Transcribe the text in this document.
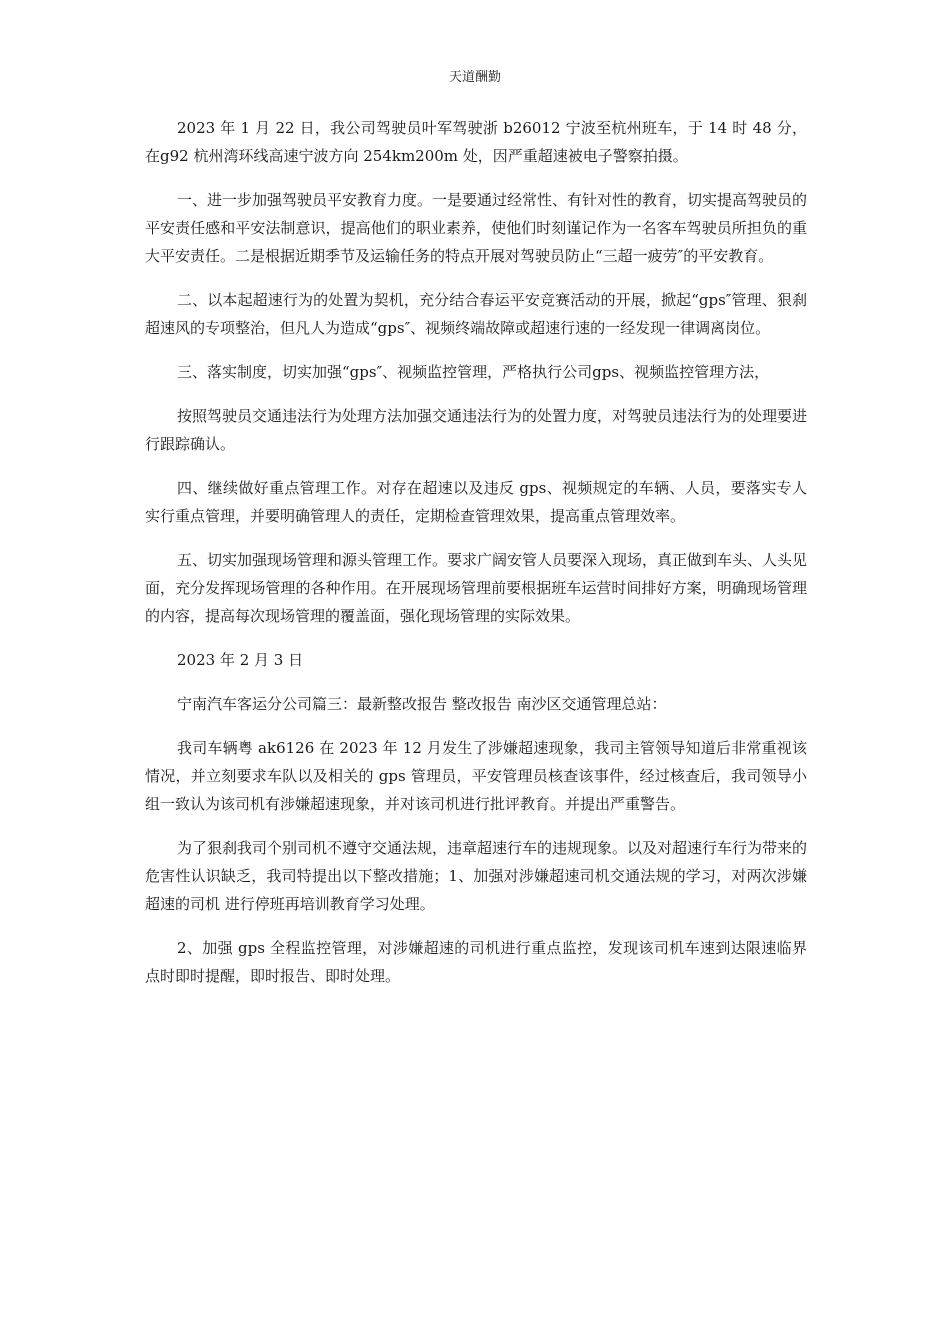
天道酬勤

2023 年 1 月 22 日，我公司驾驶员叶军驾驶浙 b26012 宁波至杭州班车，于 14 时 48 分，在g92 杭州湾环线高速宁波方向 254km200m 处，因严重超速被电子警察拍摄。

一、进一步加强驾驶员平安教育力度。一是要通过经常性、有针对性的教育，切实提高驾驶员的平安责任感和平安法制意识，提高他们的职业素养，使他们时刻谨记作为一名客车驾驶员所担负的重大平安责任。二是根据近期季节及运输任务的特点开展对驾驶员防止“三超一疲劳″的平安教育。

二、以本起超速行为的处置为契机，充分结合春运平安竞赛活动的开展，掀起“gps″管理、狠刹超速风的专项整治，但凡人为造成“gps″、视频终端故障或超速行速的一经发现一律调离岗位。

三、落实制度，切实加强“gps″、视频监控管理，严格执行公司gps、视频监控管理方法，

按照驾驶员交通违法行为处理方法加强交通违法行为的处置力度，对驾驶员违法行为的处理要进行跟踪确认。

四、继续做好重点管理工作。对存在超速以及违反 gps、视频规定的车辆、人员，要落实专人实行重点管理，并要明确管理人的责任，定期检查管理效果，提高重点管理效率。

五、切实加强现场管理和源头管理工作。要求广阔安管人员要深入现场，真正做到车头、人头见面，充分发挥现场管理的各种作用。在开展现场管理前要根据班车运营时间排好方案，明确现场管理的内容，提高每次现场管理的覆盖面，强化现场管理的实际效果。

2023 年 2 月 3 日

宁南汽车客运分公司篇三：最新整改报告 整改报告 南沙区交通管理总站：

我司车辆粤 ak6126 在 2023 年 12 月发生了涉嫌超速现象，我司主管领导知道后非常重视该情况，并立刻要求车队以及相关的 gps 管理员，平安管理员核查该事件，经过核查后，我司领导小组一致认为该司机有涉嫌超速现象，并对该司机进行批评教育。并提出严重警告。

为了狠刹我司个别司机不遵守交通法规，违章超速行车的违规现象。以及对超速行车行为带来的危害性认识缺乏，我司特提出以下整改措施；1、加强对涉嫌超速司机交通法规的学习，对两次涉嫌超速的司机 进行停班再培训教育学习处理。

2、加强 gps 全程监控管理，对涉嫌超速的司机进行重点监控，发现该司机车速到达限速临界点时即时提醒，即时报告、即时处理。
